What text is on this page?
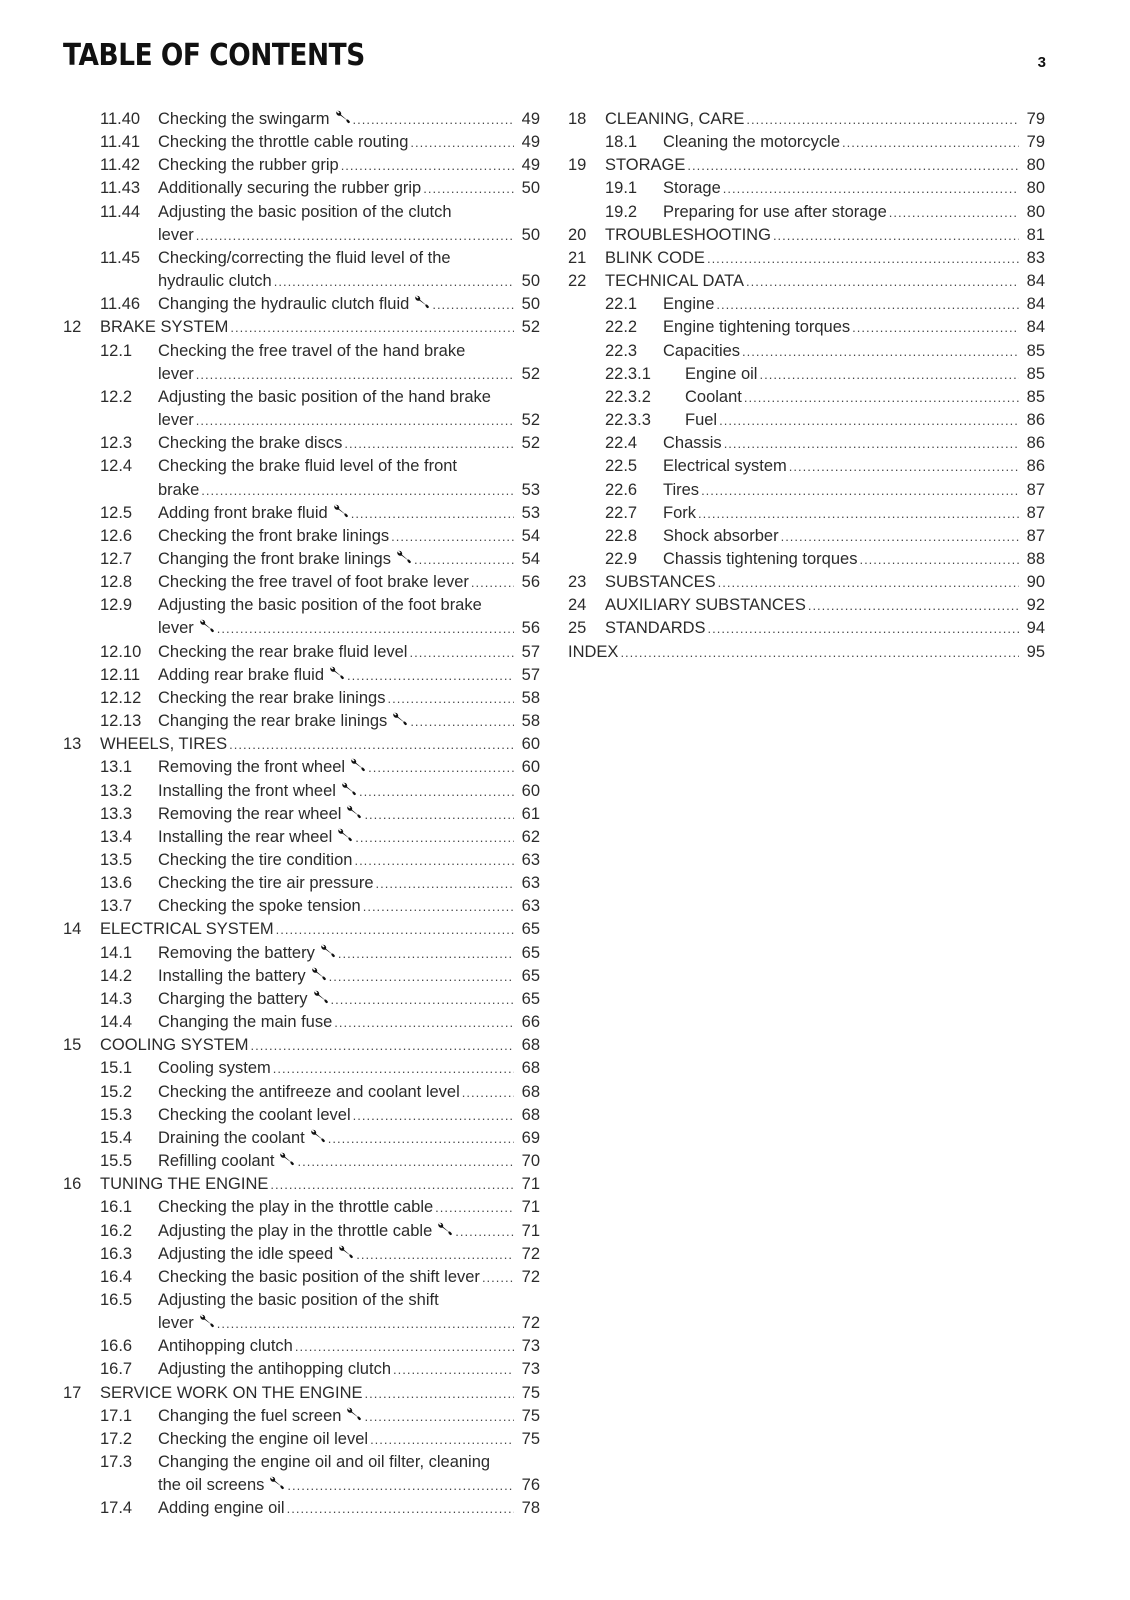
TABLE OF CONTENTS	3
11.40 Checking the swingarm .....	49
11.41 Checking the throttle cable routing .....	49
11.42 Checking the rubber grip .....	49
11.43 Additionally securing the rubber grip .....	50
11.44 Adjusting the basic position of the clutch
lever .....	50
11.45 Checking/correcting the fluid level of the
hydraulic clutch .....	50
11.46 Changing the hydraulic clutch fluid .....	50
12 BRAKE SYSTEM .....	52
12.1 Checking the free travel of the hand brake
lever .....	52
12.2 Adjusting the basic position of the hand brake
lever .....	52
12.3 Checking the brake discs .....	52
12.4 Checking the brake fluid level of the front
brake .....	53
12.5 Adding front brake fluid .....	53
12.6 Checking the front brake linings .....	54
12.7 Changing the front brake linings .....	54
12.8 Checking the free travel of foot brake lever .....	56
12.9 Adjusting the basic position of the foot brake
lever .....	56
12.10 Checking the rear brake fluid level .....	57
12.11 Adding rear brake fluid .....	57
12.12 Checking the rear brake linings .....	58
12.13 Changing the rear brake linings .....	58
13 WHEELS, TIRES .....	60
13.1 Removing the front wheel .....	60
13.2 Installing the front wheel .....	60
13.3 Removing the rear wheel .....	61
13.4 Installing the rear wheel .....	62
13.5 Checking the tire condition .....	63
13.6 Checking the tire air pressure .....	63
13.7 Checking the spoke tension .....	63
14 ELECTRICAL SYSTEM .....	65
14.1 Removing the battery .....	65
14.2 Installing the battery .....	65
14.3 Charging the battery .....	65
14.4 Changing the main fuse .....	66
15 COOLING SYSTEM .....	68
15.1 Cooling system .....	68
15.2 Checking the antifreeze and coolant level .....	68
15.3 Checking the coolant level .....	68
15.4 Draining the coolant .....	69
15.5 Refilling coolant .....	70
16 TUNING THE ENGINE .....	71
16.1 Checking the play in the throttle cable .....	71
16.2 Adjusting the play in the throttle cable .....	71
16.3 Adjusting the idle speed .....	72
16.4 Checking the basic position of the shift lever .....	72
16.5 Adjusting the basic position of the shift
lever .....	72
16.6 Antihopping clutch .....	73
16.7 Adjusting the antihopping clutch .....	73
17 SERVICE WORK ON THE ENGINE .....	75
17.1 Changing the fuel screen .....	75
17.2 Checking the engine oil level .....	75
17.3 Changing the engine oil and oil filter, cleaning
the oil screens .....	76
17.4 Adding engine oil .....	78
18 CLEANING, CARE .....	79
18.1 Cleaning the motorcycle .....	79
19 STORAGE .....	80
19.1 Storage .....	80
19.2 Preparing for use after storage .....	80
20 TROUBLESHOOTING .....	81
21 BLINK CODE .....	83
22 TECHNICAL DATA .....	84
22.1 Engine .....	84
22.2 Engine tightening torques .....	84
22.3 Capacities .....	85
22.3.1 Engine oil .....	85
22.3.2 Coolant .....	85
22.3.3 Fuel .....	86
22.4 Chassis .....	86
22.5 Electrical system .....	86
22.6 Tires .....	87
22.7 Fork .....	87
22.8 Shock absorber .....	87
22.9 Chassis tightening torques .....	88
23 SUBSTANCES .....	90
24 AUXILIARY SUBSTANCES .....	92
25 STANDARDS .....	94
INDEX .....	95
